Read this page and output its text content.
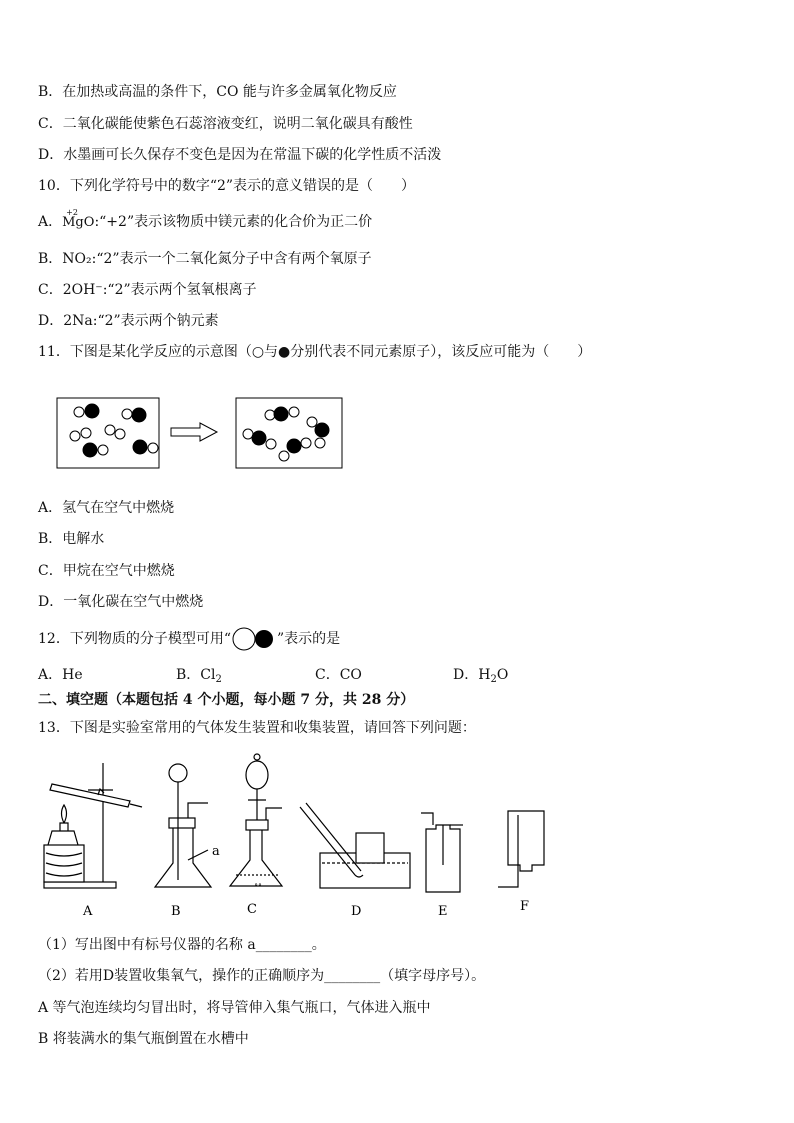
B．在加热或高温的条件下，CO 能与许多金属氧化物反应
C．二氧化碳能使紫色石蕊溶液变红，说明二氧化碳具有酸性
D．水墨画可长久保存不变色是因为在常温下碳的化学性质不活泼
10．下列化学符号中的数字“2”表示的意义错误的是（　　）
A．
+2
MgO:“+2”表示该物质中镁元素的化合价为正二价
B．NO₂:“2”表示一个二氧化氮分子中含有两个氧原子
C．2OH⁻:“2”表示两个氢氧根离子
D．2Na:“2”表示两个钠元素
11．下图是某化学反应的示意图（○与●分别代表不同元素原子），该反应可能为（　　）
A．氢气在空气中燃烧
B．电解水
C．甲烷在空气中燃烧
D．一氧化碳在空气中燃烧
12．下列物质的分子模型可用“	”表示的是
A．He	B．$Cl_2$	C．CO	D．$H_2O$
二、填空题（本题包括 4 个小题，每小题 7 分，共 28 分）
13．下图是实验室常用的气体发生装置和收集装置，请回答下列问题：
∘∘
a
A	B	C	D	E	F
（1）写出图中有标号仪器的名称 a________。
（2）若用D装置收集氧气，操作的正确顺序为________（填字母序号）。
A 等气泡连续均匀冒出时，将导管伸入集气瓶口，气体进入瓶中
B 将装满水的集气瓶倒置在水槽中
